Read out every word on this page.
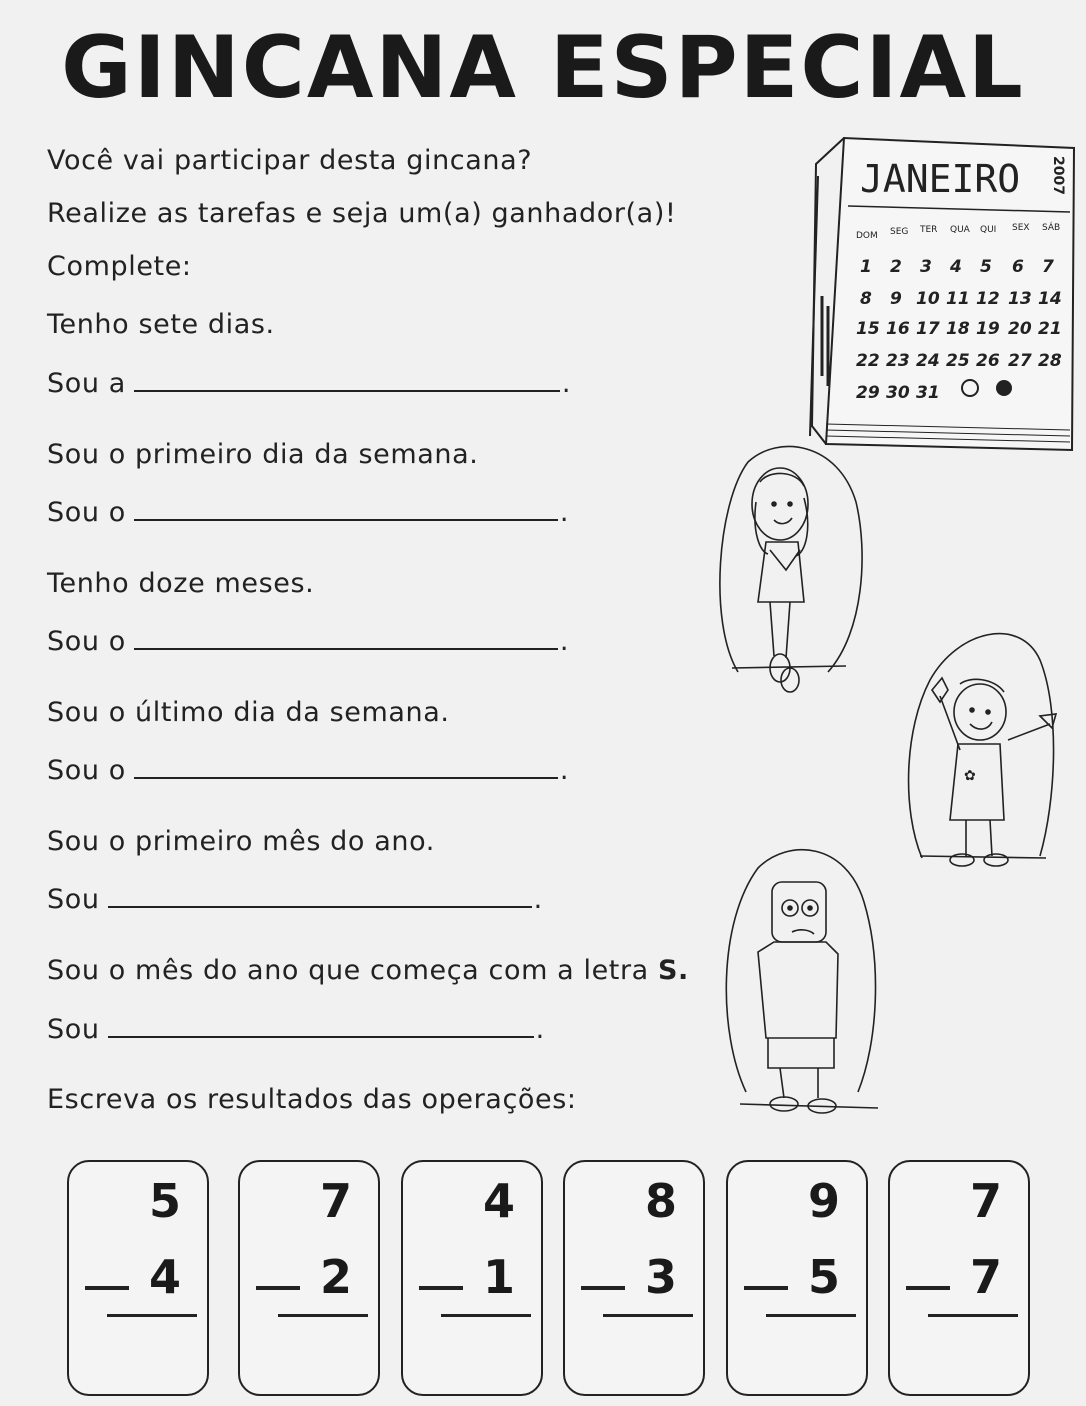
GINCANA ESPECIAL
Você vai participar desta gincana?
Realize as tarefas e seja um(a) ganhador(a)!
Complete:
Tenho sete dias.
Sou a	.
Sou o primeiro dia da semana.
Sou o	.
Tenho doze meses.
Sou o	.
Sou o último dia da semana.
Sou o	.
Sou o primeiro mês do ano.
Sou	.
Sou o mês do ano que começa com a letra S.
Sou	.
Escreva os resultados das operações:
5
4
7
2
4
1
8
3
9
5
7
7
JANEIRO 2007
DOM SEG TER QUA QUI SEX SÁB
1 2 3 4 5 6 7
8 9 10 11 12 13 14
15 16 17 18 19 20 21
22 23 24 25 26 27 28
29 30 31
✿
